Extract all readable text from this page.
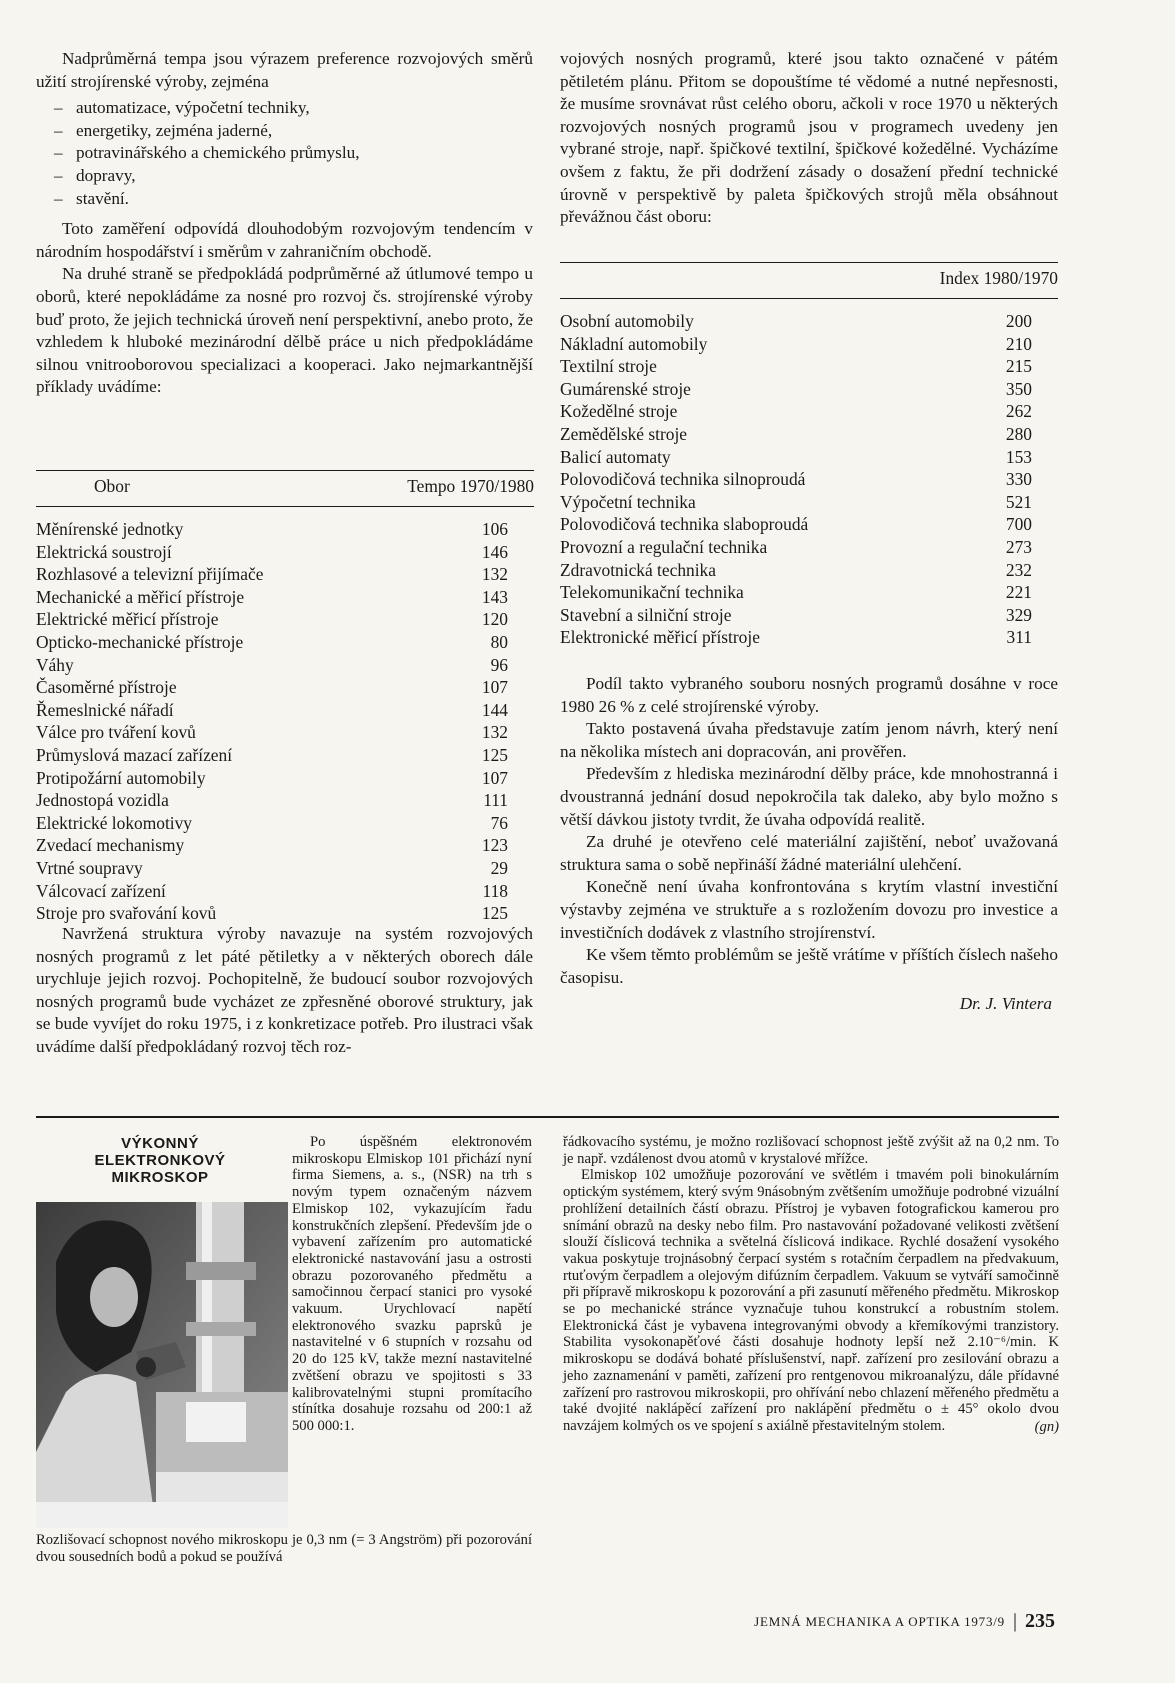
Nadprůměrná tempa jsou výrazem preference rozvojových směrů užití strojírenské výroby, zejména

– automatizace, výpočetní techniky,
– energetiky, zejména jaderné,
– potravinářského a chemického průmyslu,
– dopravy,
– stavění.

Toto zaměření odpovídá dlouhodobým rozvojovým tendencím v národním hospodářství i směrům v zahraničním obchodě.

Na druhé straně se předpokládá podprůměrné až útlumové tempo u oborů, které nepokládáme za nosné pro rozvoj čs. strojírenské výroby buď proto, že jejich technická úroveň není perspektivní, anebo proto, že vzhledem k hluboké mezinárodní dělbě práce u nich předpokládáme silnou vnitrooborovou specializaci a kooperaci. Jako nejmarkantnější příklady uvádíme:

Obor	Tempo 1970/1980
Měnírenské jednotky	106
Elektrická soustrojí	146
Rozhlasové a televizní přijímače	132
Mechanické a měřicí přístroje	143
Elektrické měřicí přístroje	120
Opticko-mechanické přístroje	80
Váhy	96
Časoměrné přístroje	107
Řemeslnické nářadí	144
Válce pro tváření kovů	132
Průmyslová mazací zařízení	125
Protipožární automobily	107
Jednostopá vozidla	111
Elektrické lokomotivy	76
Zvedací mechanismy	123
Vrtné soupravy	29
Válcovací zařízení	118
Stroje pro svařování kovů	125

Navržená struktura výroby navazuje na systém rozvojových nosných programů z let páté pětiletky a v některých oborech dále urychluje jejich rozvoj. Pochopitelně, že budoucí soubor rozvojových nosných programů bude vycházet ze zpřesněné oborové struktury, jak se bude vyvíjet do roku 1975, i z konkretizace potřeb. Pro ilustraci však uvádíme další předpokládaný rozvoj těch roz-

vojových nosných programů, které jsou takto označené v pátém pětiletém plánu. Přitom se dopouštíme té vědomé a nutné nepřesnosti, že musíme srovnávat růst celého oboru, ačkoli v roce 1970 u některých rozvojových nosných programů jsou v programech uvedeny jen vybrané stroje, např. špičkové textilní, špičkové kožedělné. Vycházíme ovšem z faktu, že při dodržení zásady o dosažení přední technické úrovně v perspektivě by paleta špičkových strojů měla obsáhnout převážnou část oboru:

Index 1980/1970
Osobní automobily	200
Nákladní automobily	210
Textilní stroje	215
Gumárenské stroje	350
Kožedělné stroje	262
Zemědělské stroje	280
Balicí automaty	153
Polovodičová technika silnoproudá	330
Výpočetní technika	521
Polovodičová technika slaboproudá	700
Provozní a regulační technika	273
Zdravotnická technika	232
Telekomunikační technika	221
Stavební a silniční stroje	329
Elektronické měřicí přístroje	311

Podíl takto vybraného souboru nosných programů dosáhne v roce 1980 26 % z celé strojírenské výroby.

Takto postavená úvaha představuje zatím jenom návrh, který není na několika místech ani dopracován, ani prověřen.

Především z hlediska mezinárodní dělby práce, kde mnohostranná i dvoustranná jednání dosud nepokročila tak daleko, aby bylo možno s větší dávkou jistoty tvrdit, že úvaha odpovídá realitě.

Za druhé je otevřeno celé materiální zajištění, neboť uvažovaná struktura sama o sobě nepřináší žádné materiální ulehčení.

Konečně není úvaha konfrontována s krytím vlastní investiční výstavby zejména ve struktuře a s rozložením dovozu pro investice a investičních dodávek z vlastního strojírenství.

Ke všem těmto problémům se ještě vrátíme v příštích číslech našeho časopisu.

Dr. J. Vintera

VÝKONNÝ
ELEKTRONKOVÝ
MIKROSKOP

Po úspěšném elektronovém mikroskopu Elmiskop 101 přichází nyní firma Siemens, a. s., (NSR) na trh s novým typem označeným názvem Elmiskop 102, vykazujícím řadu konstrukčních zlepšení. Především jde o vybavení zařízením pro automatické elektronické nastavování jasu a ostrosti obrazu pozorovaného předmětu a samočinnou čerpací stanici pro vysoké vakuum. Urychlovací napětí elektronového svazku paprsků je nastavitelné v 6 stupních v rozsahu od 20 do 125 kV, takže mezní nastavitelné zvětšení obrazu ve spojitosti s 33 kalibrovatelnými stupni promítacího stínítka dosahuje rozsahu od 200:1 až 500 000:1.

Rozlišovací schopnost nového mikroskopu je 0,3 nm (= 3 Angström) při pozorování dvou sousedních bodů a pokud se používá

řádkovacího systému, je možno rozlišovací schopnost ještě zvýšit až na 0,2 nm. To je např. vzdálenost dvou atomů v krystalové mřížce.

Elmiskop 102 umožňuje pozorování ve světlém i tmavém poli binokulárním optickým systémem, který svým 9násobným zvětšením umožňuje podrobné vizuální prohlížení detailních částí obrazu. Přístroj je vybaven fotografickou kamerou pro snímání obrazů na desky nebo film. Pro nastavování požadované velikosti zvětšení slouží číslicová technika a světelná číslicová indikace. Rychlé dosažení vysokého vakua poskytuje trojnásobný čerpací systém s rotačním čerpadlem na předvakuum, rtuťovým čerpadlem a olejovým difúzním čerpadlem. Vakuum se vytváří samočinně při přípravě mikroskopu k pozorování a při zasunutí měřeného předmětu. Mikroskop se po mechanické stránce vyznačuje tuhou konstrukcí a robustním stolem. Elektronická část je vybavena integrovanými obvody a křemíkovými tranzistory. Stabilita vysokonapěťové části dosahuje hodnoty lepší než 2.10⁻⁶/min. K mikroskopu se dodává bohaté příslušenství, např. zařízení pro zesilování obrazu a jeho zaznamenání v paměti, zařízení pro rentgenovou mikroanalýzu, dále přídavné zařízení pro rastrovou mikroskopii, pro ohřívání nebo chlazení měřeného předmětu a také dvojité naklápěcí zařízení pro naklápění předmětu o ± 45° okolo dvou navzájem kolmých os ve spojení s axiálně přestavitelným stolem.	(gn)

JEMNÁ MECHANIKA A OPTIKA 1973/9 | 235
